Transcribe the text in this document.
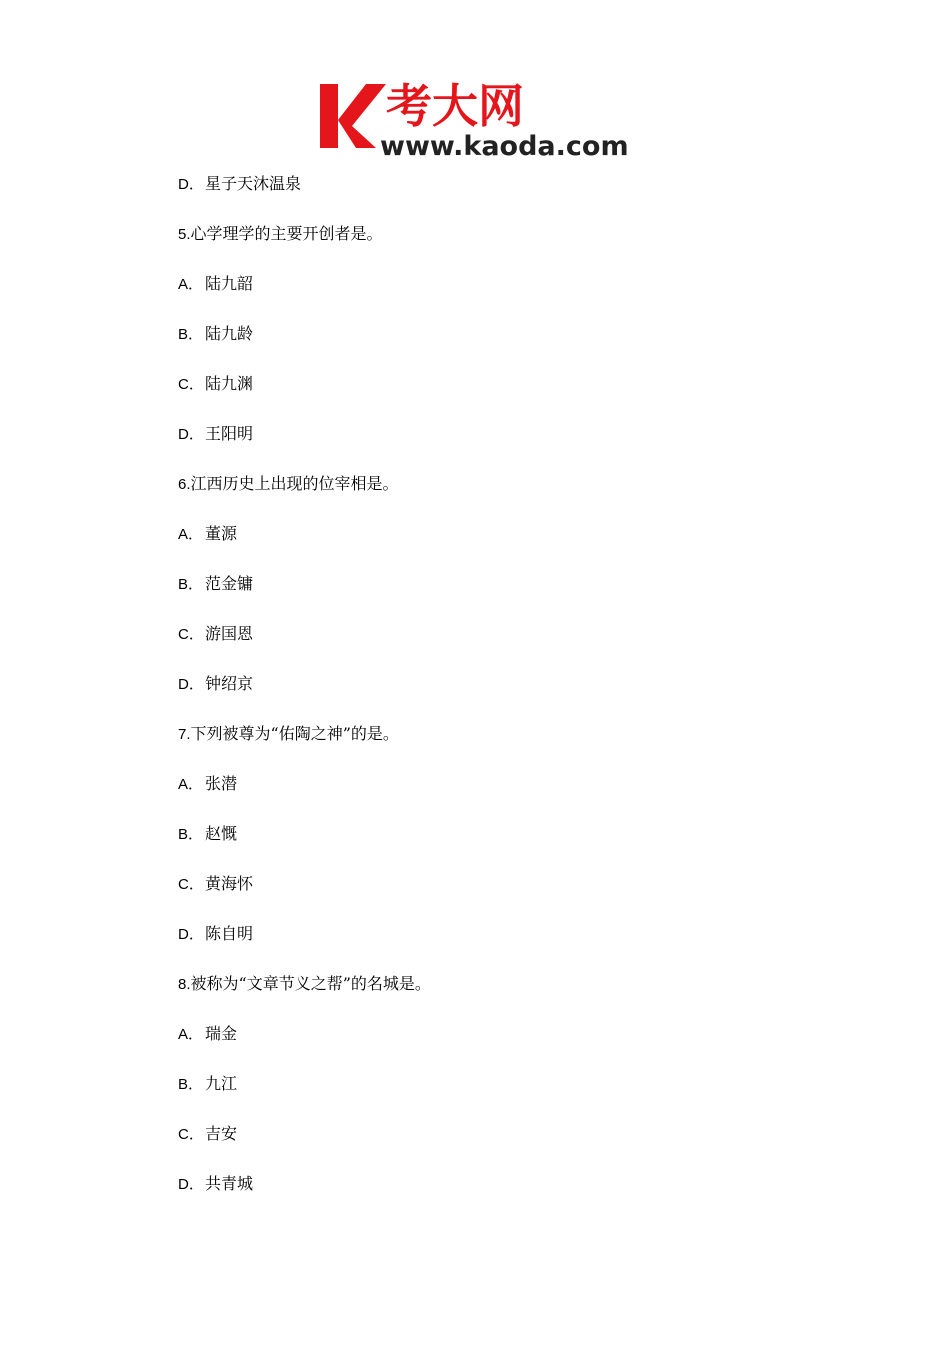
考大网
www.kaoda.com
D．星子天沐温泉
5.心学理学的主要开创者是。
A． 陆九韶
B． 陆九龄
C．陆九渊
D．王阳明
6.江西历史上出现的位宰相是。
A． 董源
B． 范金镛
C．游国恩
D．钟绍京
7.下列被尊为“佑陶之神”的是。
A． 张潜
B． 赵慨
C．黄海怀
D．陈自明
8.被称为“文章节义之帮”的名城是。
A． 瑞金
B． 九江
C．吉安
D．共青城
